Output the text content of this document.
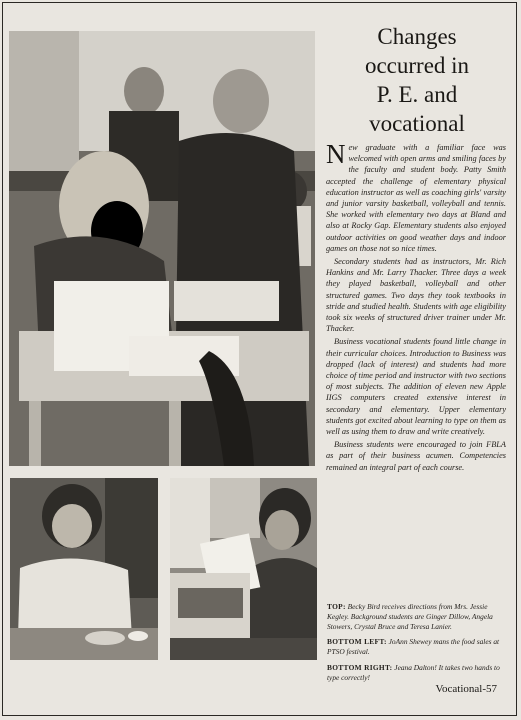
Changes
occurred in
P. E. and
vocational

New graduate with a familiar face was welcomed with open arms and smiling faces by the faculty and student body. Patty Smith accepted the challenge of elementary physical education instructor as well as coaching girls' varsity and junior varsity basketball, volleyball and tennis. She worked with elementary two days at Bland and also at Rocky Gap. Elementary students also enjoyed outdoor activities on good weather days and indoor games on those not so nice times.

Secondary students had as instructors, Mr. Rich Hankins and Mr. Larry Thacker. Three days a week they played basketball, volleyball and other structured games. Two days they took textbooks in stride and studied health. Students with age eligibility took six weeks of structured driver trainer under Mr. Thacker.

Business vocational students found little change in their curricular choices. Introduction to Business was dropped (lack of interest) and students had more choice of time period and instructor with two sections of most subjects. The addition of eleven new Apple IIGS computers created extensive interest in secondary and elementary. Upper elementary students got excited about learning to type on them as well as using them to draw and write creatively.

Business students were encouraged to join FBLA as part of their business acumen. Competencies remained an integral part of each course.

TOP: Becky Bird receives directions from Mrs. Jessie Kegley. Background students are Ginger Dillow, Angela Stowers, Crystal Bruce and Teresa Lanier.

BOTTOM LEFT: JoAnn Shewey mans the food sales at PTSO festival.

BOTTOM RIGHT: Jeana Dalton! It takes two hands to type correctly!

Vocational-57
